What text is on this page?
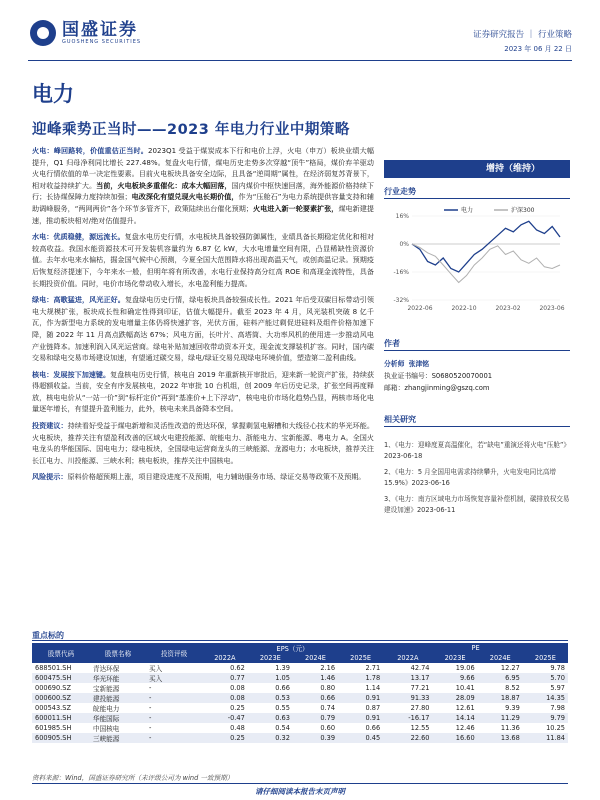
国盛证券
GUOSHENG SECURITIES
证券研究报告 ｜ 行业策略
2023 年 06 月 22 日
电力
迎峰乘势正当时——2023 年电力行业中期策略

火电：峰回路转，价值重估正当时。2023Q1 受益于煤炭成本下行和电价上浮，火电（申万）板块业绩大幅提升，Q1 归母净利同比增长 227.48%。复盘火电行情，煤电历史走势多次穿越“顶牛”格局，煤价弃羊驱动火电行情依值的单一决定性要素。目前火电板块具备安全边际，且具备“逆周期”属性，在经济弱复苏背景下，相对收益持续扩大。当前，火电板块多重催化：成本大幅回落，国内煤价中枢快速回落，海外能源价格持续下行；长协煤保障力度持续加强；电改深化有望兑现火电长期价值，作为“压舱石”为电力系统提供容量支持和辅助调峰服务，“两网两价”各个环节多管齐下，政策陆续出台催化预期；火电进入新一轮要素扩张，煤电新建提速，推动板块相对/绝对估值提升。

水电：优质稳健，源远流长。复盘水电历史行情，水电板块具备较强防御属性，业绩具备长期稳定优化和相对较高收益。我国水能资源技术可开发装机容量约为 6.87 亿 kW，大水电增量空间有限，凸显稀缺性资源价值。去年水电来水偏枯，掘金国气候中心预测，今夏全国大范围降水将出现高温天气，或创高温记录。预期疫后恢复经济提速下，今年来水一般，但明年将有所改善，水电行业保持高分红高 ROE 和高现金流特性，具备长期投资价值。同时，电价市场化带动收入增长，水电盈利能力提高。

绿电：高歌猛进，风光正好。复盘绿电历史行情，绿电板块具备较强成长性。2021 年后受双碳目标带动引领电大规模扩张，板块成长性和确定性得到印证，估值大幅提升。截至 2023 年 4 月，风光装机突破 8 亿千瓦，作为新型电力系统的发电增量主体仍将快速扩容，光伏方面，硅料产能过剩促进硅料及组件价格加速下降，随 2022 年 11 月高点跌幅高达 67%；风电方面，长叶片、高塔筒、大功率风机的使用进一步推动风电产业链降本。加速利润入风光运营商。绿电补贴加速回收带动资本开支，现金流支撑装机扩容。同时，国内碳交易和绿电交易市场建设加速，有望通过碳交易，绿电/绿证交易兑现绿电环境价值，塑造第二盈利曲线。

核电：发展按下加速键。复盘核电历史行情，核电自 2019 年重新核开审批后，迎来新一轮资产扩张，持续获得超额收益。当前，安全有序发展核电，2022 年审批 10 台机组，创 2009 年后历史记录，扩张空间再度释放，核电电价从“一站一价”到“标杆定价”再到“基准价+上下浮动”，核电电价市场化趋势凸显，两核市场化电量逐年增长，有望提升盈利能力，此外，核电未来具备降本空间。

投资建议：持续看好受益于煤电新增和灵活性改造的贵达环保，掌握剩氢电解槽和大线径心技术的华光环能。火电板块，推荐关注有望盈利改善的区域火电建投能源、皖能电力、浙能电力、宝新能源、粤电力 A。全国火电龙头的华能国际、国电电力；绿电板块，全国绿电运营商龙头的三峡能源、龙源电力；水电板块，推荐关注长江电力、川投能源、三峡水利；核电板块，推荐关注中国核电。

风险提示：原料价格超预期上涨，项目建设进度不及预期，电力辅助服务市场、绿证交易等政策不及预期。

增持（维持）
行业走势
16%
0%
-16%
-32%
2022-06	2022-10	2023-02	2023-06
电力	沪深300
作者
分析师 张津铭
执业证书编号：S0680520070001
邮箱：zhangjinming@gszq.com
相关研究
1、《电力：迎峰度夏高温催化，若“缺电”重演还将火电“压舱”》2023-06-18
2、《电力：5 月全国用电需求持续攀升，火电发电同比高增 15.9%》2023-06-16
3、《电力：南方区域电力市场恢复容量补偿机制，碳排放权交易建设加速》2023-06-11
重点标的
股票代码	股票名称	投资评级	EPS（元）				PE			
			2022A	2023E	2024E	2025E	2022A	2023E	2024E	2025E
688501.SH	青达环保	买入	0.62	1.39	2.16	2.71	42.74	19.06	12.27	9.78
600475.SH	华光环能	买入	0.77	1.05	1.46	1.78	13.17	9.66	6.95	5.70
000690.SZ	宝新能源	-	0.08	0.66	0.80	1.14	77.21	10.41	8.52	5.97
000600.SZ	建投能源	-	0.08	0.53	0.66	0.91	91.33	28.09	18.87	14.35
000543.SZ	皖能电力	-	0.25	0.55	0.74	0.87	27.80	12.61	9.39	7.98
600011.SH	华能国际	-	-0.47	0.63	0.79	0.91	-16.17	14.14	11.29	9.79
601985.SH	中国核电	-	0.48	0.54	0.60	0.66	12.55	12.46	11.36	10.25
600905.SH	三峡能源	-	0.25	0.32	0.39	0.45	22.60	16.60	13.68	11.84
资料来源：Wind，国盛证券研究所（未评级公司为 wind 一致预期）
请仔细阅读本报告末页声明
